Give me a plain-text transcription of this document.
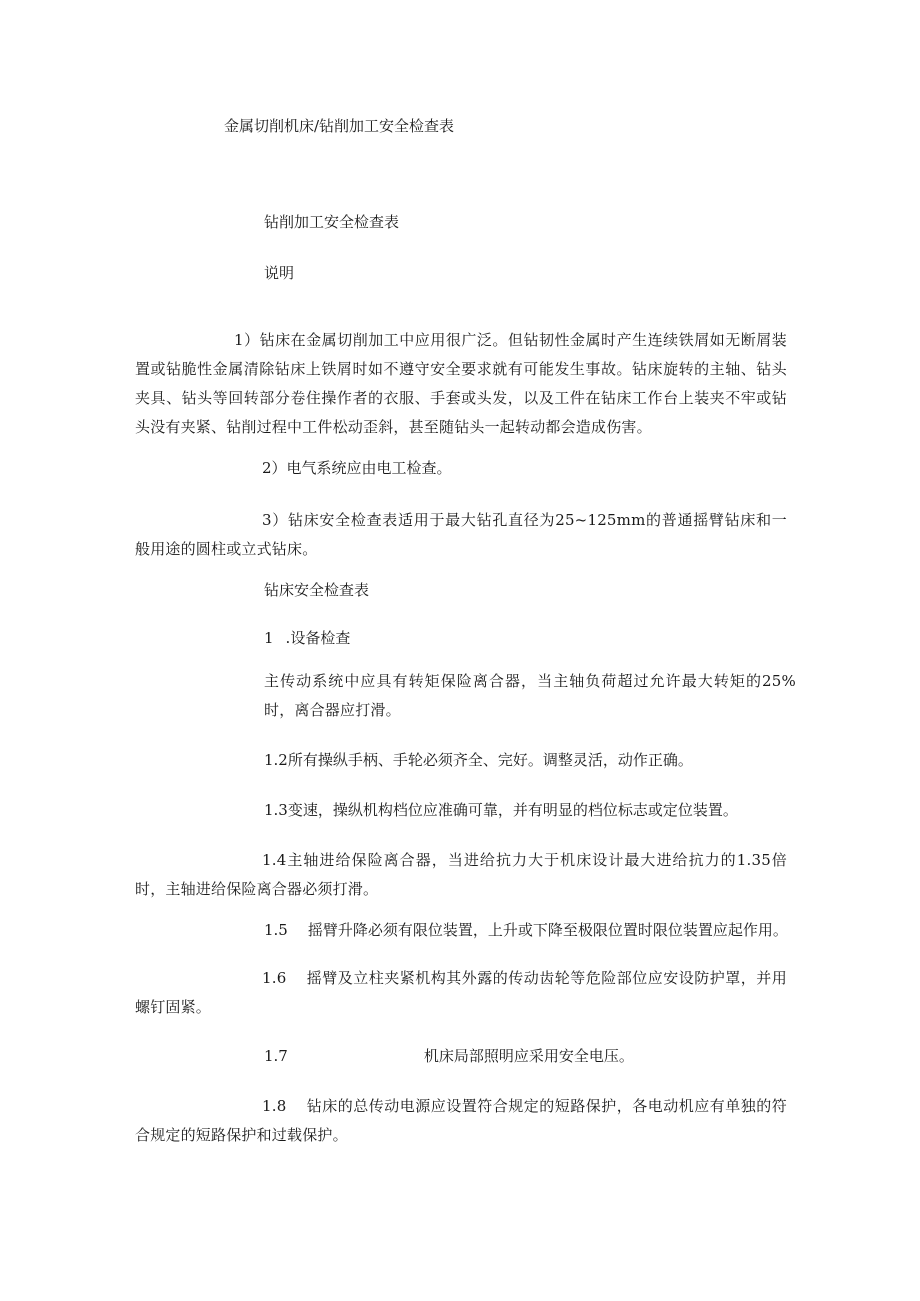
金属切削机床/钻削加工安全检查表
钻削加工安全检查表
说明
1）钻床在金属切削加工中应用很广泛。但钻韧性金属时产生连续铁屑如无断屑装置或钻脆性金属清除钻床上铁屑时如不遵守安全要求就有可能发生事故。钻床旋转的主轴、钻头夹具、钻头等回转部分卷住操作者的衣服、手套或头发，以及工件在钻床工作台上装夹不牢或钻头没有夹紧、钻削过程中工件松动歪斜，甚至随钻头一起转动都会造成伤害。
2）电气系统应由电工检查。
3）钻床安全检查表适用于最大钻孔直径为25~125mm的普通摇臂钻床和一般用途的圆柱或立式钻床。
钻床安全检查表
1 .设备检查
主传动系统中应具有转矩保险离合器，当主轴负荷超过允许最大转矩的25%时，离合器应打滑。
1.2所有操纵手柄、手轮必须齐全、完好。调整灵活，动作正确。
1.3变速，操纵机构档位应准确可靠，并有明显的档位标志或定位装置。
1.4主轴进给保险离合器，当进给抗力大于机床设计最大进给抗力的1.35倍时，主轴进给保险离合器必须打滑。
1.5 摇臂升降必须有限位装置，上升或下降至极限位置时限位装置应起作用。
1.6 摇臂及立柱夹紧机构其外露的传动齿轮等危险部位应安设防护罩，并用螺钉固紧。
1.7	机床局部照明应采用安全电压。
1.8 钻床的总传动电源应设置符合规定的短路保护，各电动机应有单独的符合规定的短路保护和过载保护。
